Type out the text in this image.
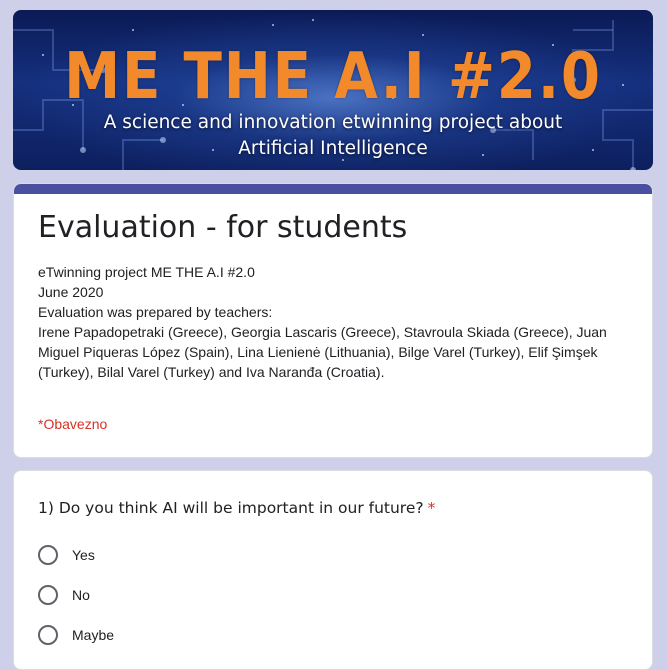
ME THE A.I #2.0
A science and innovation etwinning project about
Artificial Intelligence
Evaluation - for students
eTwinning project ME THE A.I #2.0
June 2020
Evaluation was prepared by teachers:
Irene Papadopetraki (Greece), Georgia Lascaris (Greece), Stavroula Skiada (Greece), Juan Miguel Piqueras López (Spain), Lina Lienienė (Lithuania), Bilge Varel (Turkey), Elif Şimşek (Turkey), Bilal Varel (Turkey) and Iva Naranđa (Croatia).
*Obavezno
1) Do you think AI will be important in our future? *
Yes
No
Maybe
